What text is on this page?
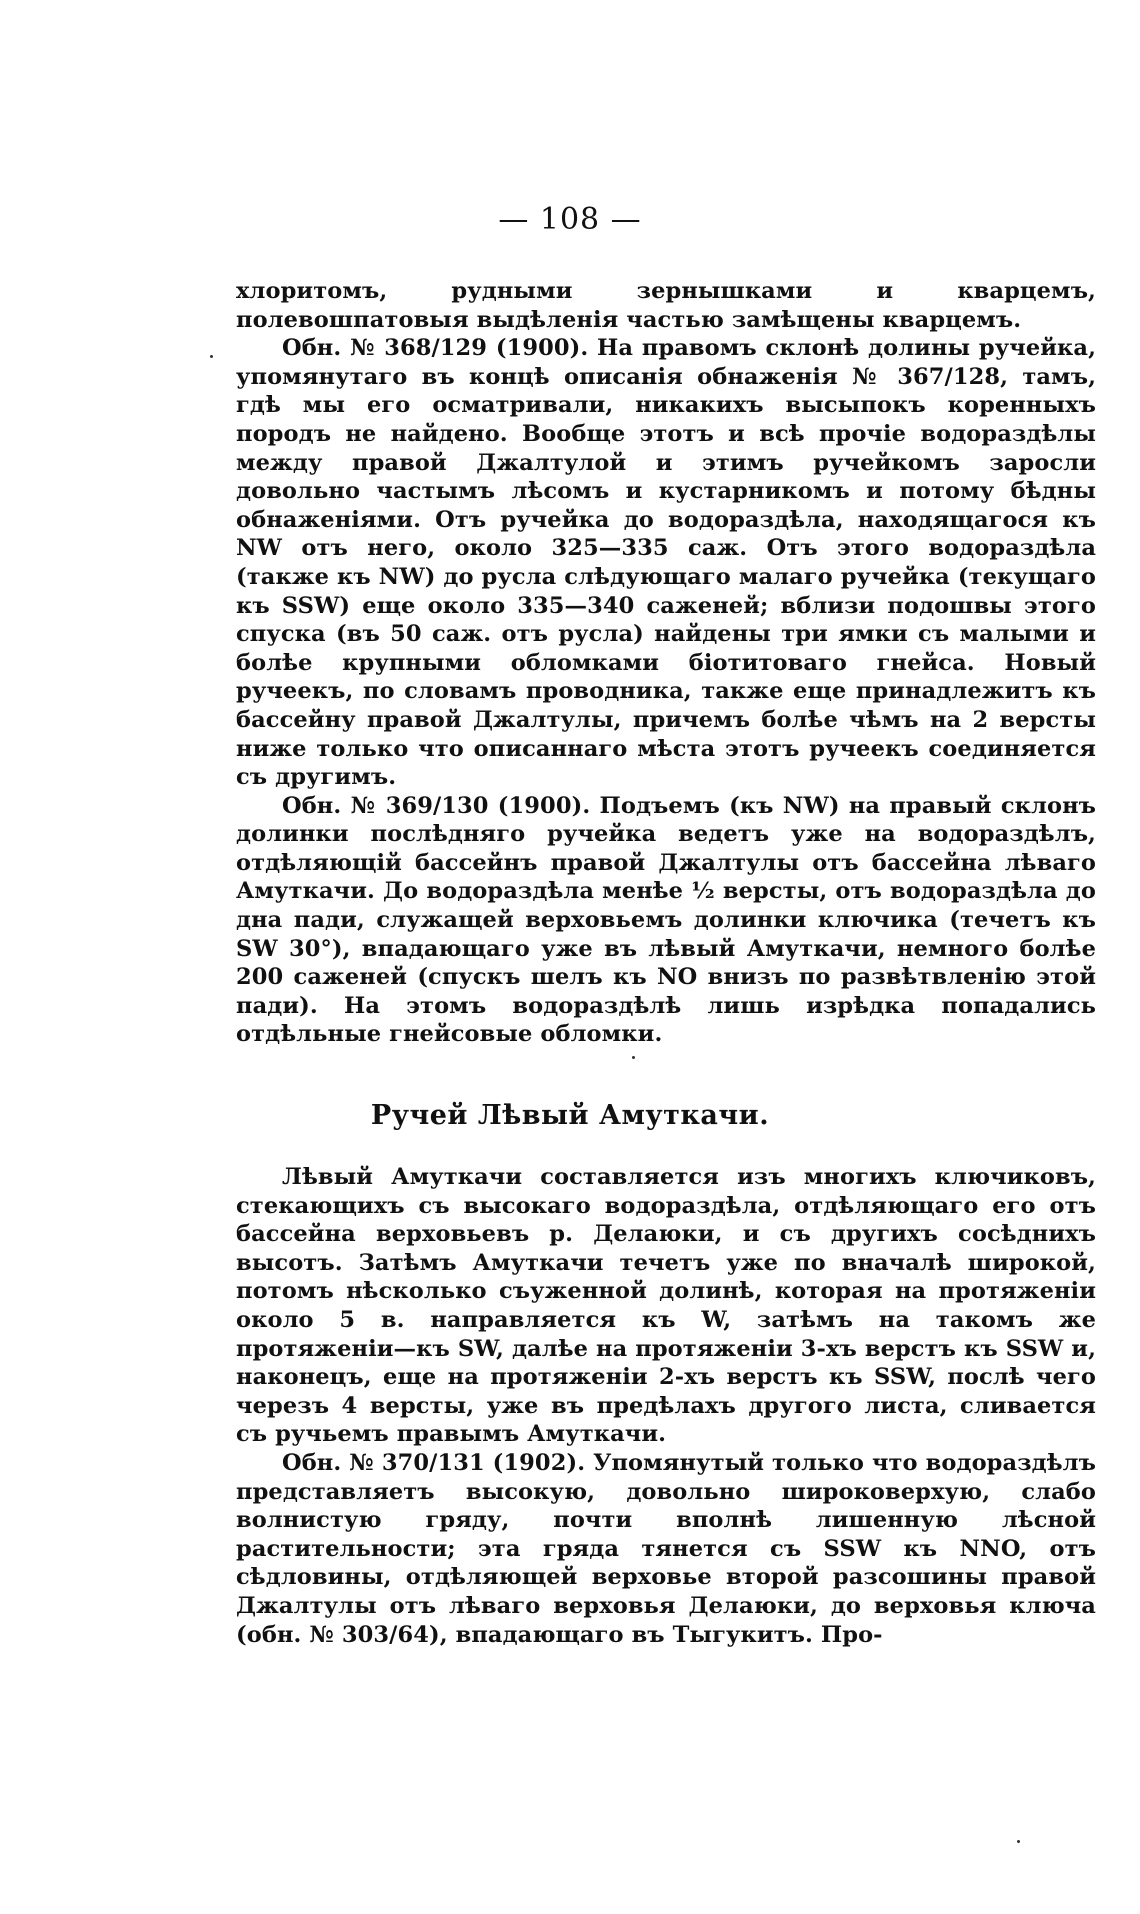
— 108 —

хлоритомъ, рудными зернышками и кварцемъ, полевошпатовыя выдѣленія частью замѣщены кварцемъ.

Обн. № 368/129 (1900). На правомъ склонѣ долины ручейка, упомянутаго въ концѣ описанія обнаженія № 367/128, тамъ, гдѣ мы его осматривали, никакихъ высыпокъ коренныхъ породъ не найдено. Вообще этотъ и всѣ прочіе водораздѣлы между правой Джалтулой и этимъ ручейкомъ заросли довольно частымъ лѣсомъ и кустарникомъ и потому бѣдны обнаженіями. Отъ ручейка до водораздѣла, находящагося къ NW отъ него, около 325—335 саж. Отъ этого водораздѣла (также къ NW) до русла слѣдующаго малаго ручейка (текущаго къ SSW) еще около 335—340 саженей; вблизи подошвы этого спуска (въ 50 саж. отъ русла) найдены три ямки съ малыми и болѣе крупными обломками біотитоваго гнейса. Новый ручеекъ, по словамъ проводника, также еще принадлежитъ къ бассейну правой Джалтулы, причемъ болѣе чѣмъ на 2 версты ниже только что описаннаго мѣста этотъ ручеекъ соединяется съ другимъ.

Обн. № 369/130 (1900). Подъемъ (къ NW) на правый склонъ долинки послѣдняго ручейка ведетъ уже на водораздѣлъ, отдѣляющій бассейнъ правой Джалтулы отъ бассейна лѣваго Амуткачи. До водораздѣла менѣе ½ версты, отъ водораздѣла до дна пади, служащей верховьемъ долинки ключика (течетъ къ SW 30°), впадающаго уже въ лѣвый Амуткачи, немного болѣе 200 саженей (спускъ шелъ къ NO внизъ по развѣтвленію этой пади). На этомъ водораздѣлѣ лишь изрѣдка попадались отдѣльные гнейсовые обломки.

Ручей Лѣвый Амуткачи.

Лѣвый Амуткачи составляется изъ многихъ ключиковъ, стекающихъ съ высокаго водораздѣла, отдѣляющаго его отъ бассейна верховьевъ р. Делаюки, и съ другихъ сосѣднихъ высотъ. Затѣмъ Амуткачи течетъ уже по вначалѣ широкой, потомъ нѣсколько съуженной долинѣ, которая на протяженіи около 5 в. направляется къ W, затѣмъ на такомъ же протяженіи—къ SW, далѣе на протяженіи 3-хъ верстъ къ SSW и, наконецъ, еще на протяженіи 2-хъ верстъ къ SSW, послѣ чего черезъ 4 версты, уже въ предѣлахъ другого листа, сливается съ ручьемъ правымъ Амуткачи.

Обн. № 370/131 (1902). Упомянутый только что водораздѣлъ представляетъ высокую, довольно широковерхую, слабо волнистую гряду, почти вполнѣ лишенную лѣсной растительности; эта гряда тянется съ SSW къ NNO, отъ сѣдловины, отдѣляющей верховье второй разсошины правой Джалтулы отъ лѣваго верховья Делаюки, до верховья ключа (обн. № 303/64), впадающаго въ Тыгукитъ. Про-
